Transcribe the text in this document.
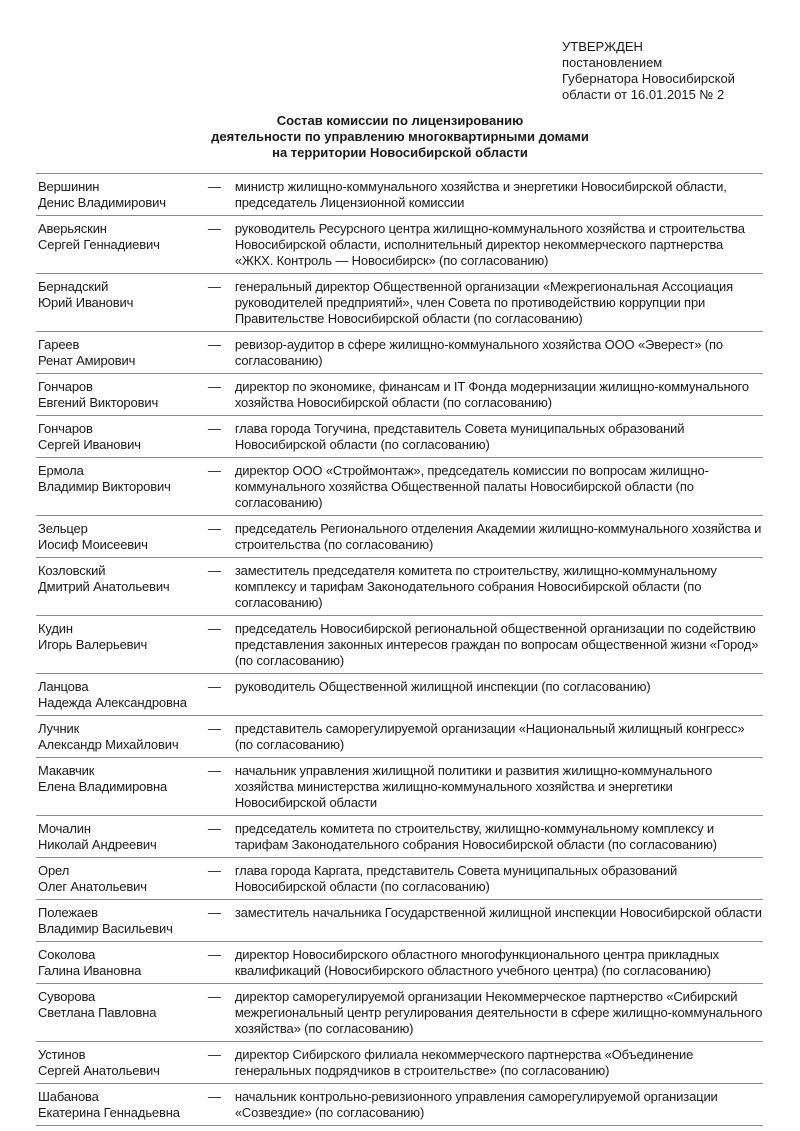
УТВЕРЖДЕН
постановлением
Губернатора Новосибирской
области от 16.01.2015 № 2
Состав комиссии по лицензированию
деятельности по управлению многоквартирными домами
на территории Новосибирской области
Вершинин
Денис Владимирович	—	министр жилищно-коммунального хозяйства и энергетики Новосибирской области, председатель Лицензионной комиссии

Аверьяскин
Сергей Геннадиевич	—	руководитель Ресурсного центра жилищно-коммунального хозяйства и строительства Новосибирской области, исполнительный директор некоммерческого партнерства «ЖКХ. Контроль — Новосибирск» (по согласованию)

Бернадский
Юрий Иванович	—	генеральный директор Общественной организации «Межрегиональная Ассоциация руководителей предприятий», член Совета по противодействию коррупции при Правительстве Новосибирской области (по согласованию)

Гареев
Ренат Амирович	—	ревизор-аудитор в сфере жилищно-коммунального хозяйства ООО «Эверест» (по согласованию)

Гончаров
Евгений Викторович	—	директор по экономике, финансам и IT Фонда модернизации жилищно-коммунального хозяйства Новосибирской области (по согласованию)

Гончаров
Сергей Иванович	—	глава города Тогучина, представитель Совета муниципальных образований Новосибирской области (по согласованию)

Ермола
Владимир Викторович	—	директор ООО «Строймонтаж», председатель комиссии по вопросам жилищно-коммунального хозяйства Общественной палаты Новосибирской области (по согласованию)

Зельцер
Иосиф Моисеевич	—	председатель Регионального отделения Академии жилищно-коммунального хозяйства и строительства (по согласованию)

Козловский
Дмитрий Анатольевич	—	заместитель председателя комитета по строительству, жилищно-коммунальному комплексу и тарифам Законодательного собрания Новосибирской области (по согласованию)

Кудин
Игорь Валерьевич	—	председатель Новосибирской региональной общественной организации по содействию представления законных интересов граждан по вопросам общественной жизни «Город» (по согласованию)

Ланцова
Надежда Александровна	—	руководитель Общественной жилищной инспекции (по согласованию)

Лучник
Александр Михайлович	—	представитель саморегулируемой организации «Национальный жилищный конгресс» (по согласованию)

Макавчик
Елена Владимировна	—	начальник управления жилищной политики и развития жилищно-коммунального хозяйства министерства жилищно-коммунального хозяйства и энергетики Новосибирской области

Мочалин
Николай Андреевич	—	председатель комитета по строительству, жилищно-коммунальному комплексу и тарифам Законодательного собрания Новосибирской области (по согласованию)

Орел
Олег Анатольевич	—	глава города Каргата, представитель Совета муниципальных образований Новосибирской области (по согласованию)

Полежаев
Владимир Васильевич	—	заместитель начальника Государственной жилищной инспекции Новосибирской области

Соколова
Галина Ивановна	—	директор Новосибирского областного многофункционального центра прикладных квалификаций (Новосибирского областного учебного центра) (по согласованию)

Суворова
Светлана Павловна	—	директор саморегулируемой организации Некоммерческое партнерство «Сибирский межрегиональный центр регулирования деятельности в сфере жилищно-коммунального хозяйства» (по согласованию)

Устинов
Сергей Анатольевич	—	директор Сибирского филиала некоммерческого партнерства «Объединение генеральных подрядчиков в строительстве» (по согласованию)

Шабанова
Екатерина Геннадьевна	—	начальник контрольно-ревизионного управления саморегулируемой организации «Созвездие» (по согласованию)
